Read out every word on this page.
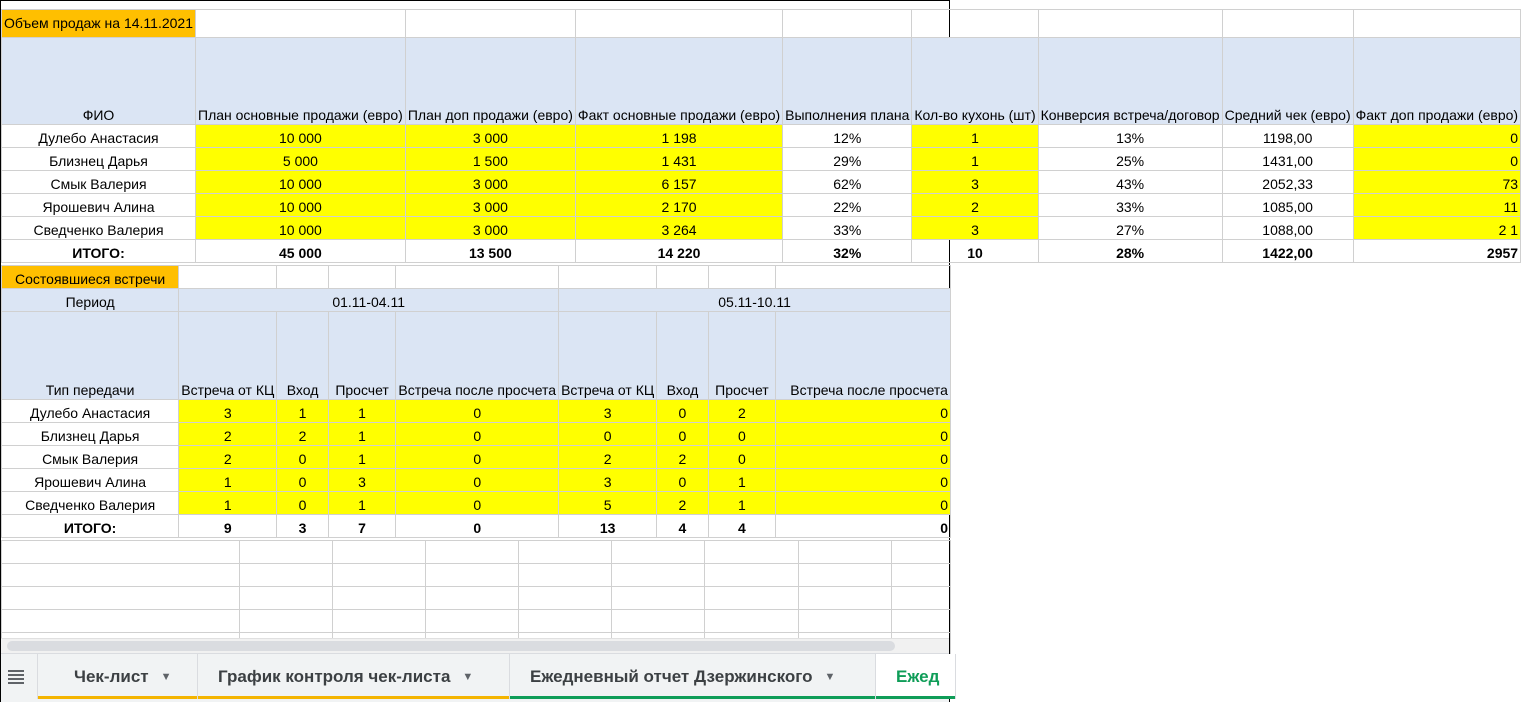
Объем продаж на 14.11.2021								
ФИО	План основные продажи (евро)	План доп продажи (евро)	Факт основные продажи (евро)	Выполнения плана	Кол-во кухонь (шт)	Конверсия встреча/договор	Средний чек (евро)	Факт доп продажи (евро)
Дулебо Анастасия	10 000	3 000	1 198	12%	1	13%	1198,00	0
Близнец Дарья	5 000	1 500	1 431	29%	1	25%	1431,00	0
Смык Валерия	10 000	3 000	6 157	62%	3	43%	2052,33	73
Ярошевич Алина	10 000	3 000	2 170	22%	2	33%	1085,00	11
Сведченко Валерия	10 000	3 000	3 264	33%	3	27%	1088,00	2 1
ИТОГО:	45 000	13 500	14 220	32%	10	28%	1422,00	2957
Состоявшиеся встречи								
Период	01.11-04.11				05.11-10.11			
Тип передачи	Встреча от КЦ	Вход	Просчет	Встреча после просчета	Встреча от КЦ	Вход	Просчет	Встреча после просчета
Дулебо Анастасия	3	1	1	0	3	0	2	0
Близнец Дарья	2	2	1	0	0	0	0	0
Смык Валерия	2	0	1	0	2	2	0	0
Ярошевич Алина	1	0	3	0	3	0	1	0
Сведченко Валерия	1	0	1	0	5	2	1	0
ИТОГО:	9	3	7	0	13	4	4	0

Чек-лист ▼	График контроля чек-листа ▼	Ежедневный отчет Дзержинского ▼	Ежед
